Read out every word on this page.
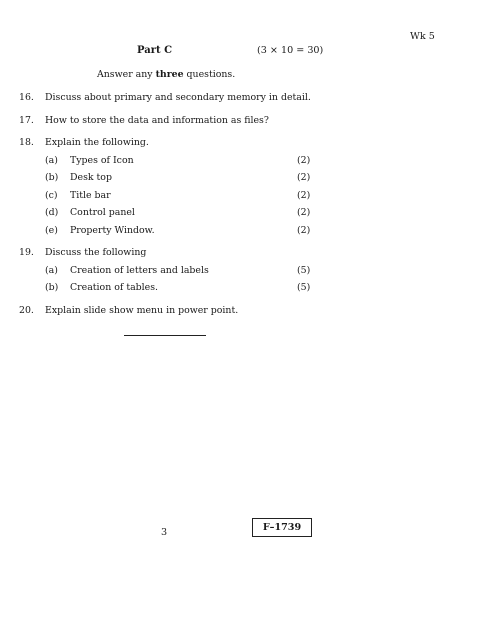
Wk 5
Part C	(3 × 10 = 30)
Answer any three questions.
16. Discuss about primary and secondary memory in detail.
17. How to store the data and information as files?
18. Explain the following.
(a) Types of Icon	(2)
(b) Desk top	(2)
(c) Title bar	(2)
(d) Control panel	(2)
(e) Property Window.	(2)
19. Discuss the following
(a) Creation of letters and labels	(5)
(b) Creation of tables.	(5)
20. Explain slide show menu in power point.
3	F–1739
